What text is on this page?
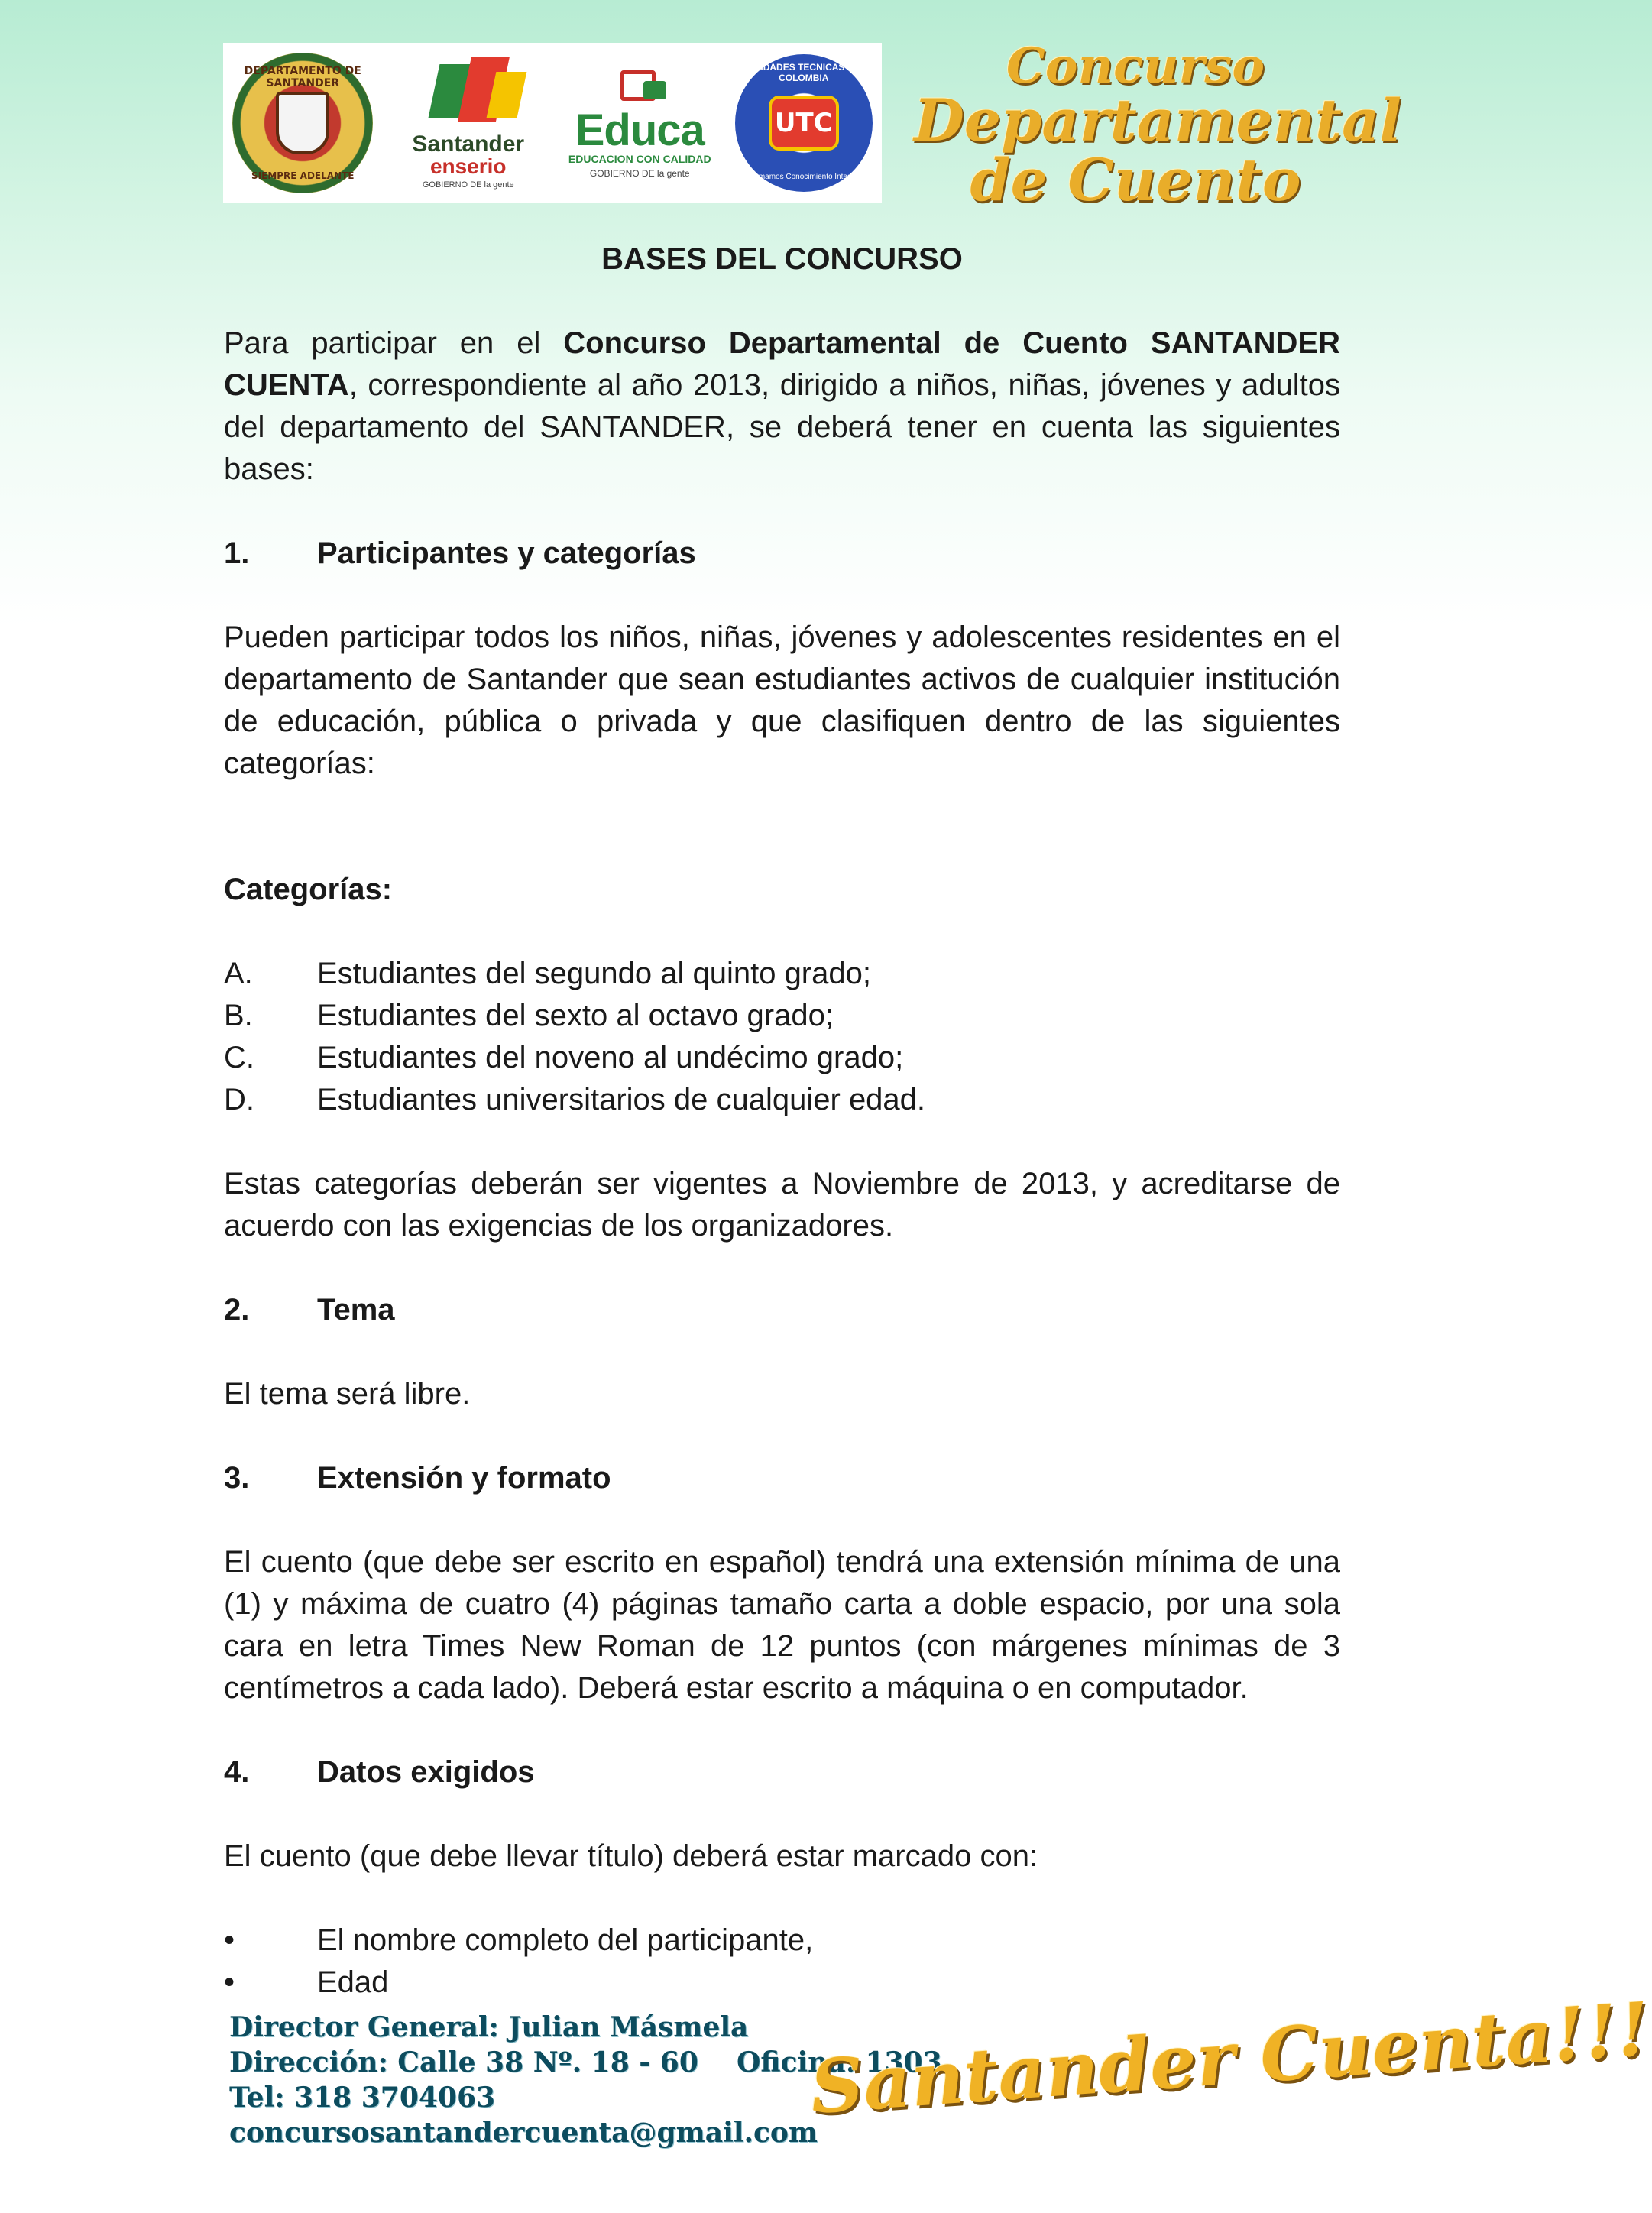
DEPARTAMENTO DE SANTANDER
SIEMPRE ADELANTE
Santander
enserio
GOBIERNO DE la gente
Educa
EDUCACION CON CALIDAD
GOBIERNO DE la gente
UNIDADES TECNICAS DE COLOMBIA
UTC
Formamos Conocimiento Integral
Concurso
Departamental
de Cuento

BASES DEL CONCURSO

Para participar en el Concurso Departamental de Cuento SANTANDER CUENTA, correspondiente al año 2013, dirigido a niños, niñas, jóvenes y adultos del departamento del SANTANDER, se deberá tener en cuenta las siguientes bases:

1.	Participantes y categorías

Pueden participar todos los niños, niñas, jóvenes y adolescentes residentes en el departamento de Santander que sean estudiantes activos de cualquier institución de educación, pública o privada y que clasifiquen dentro de las siguientes categorías:

Categorías:

A.	Estudiantes del segundo al quinto grado;
B.	Estudiantes del sexto al octavo grado;
C.	Estudiantes del noveno al undécimo grado;
D.	Estudiantes universitarios de cualquier edad.

Estas categorías deberán ser vigentes a Noviembre de 2013, y acreditarse de acuerdo con las exigencias de los organizadores.

2.	Tema

El tema será libre.

3.	Extensión y formato

El cuento (que debe ser escrito en español) tendrá una extensión mínima de una (1) y máxima de cuatro (4) páginas tamaño carta a doble espacio, por una sola cara en letra Times New Roman de 12 puntos (con márgenes mínimas de 3 centímetros a cada lado). Deberá estar escrito a máquina o en computador.

4.	Datos exigidos

El cuento (que debe llevar título) deberá estar marcado con:

•	El nombre completo del participante,
•	Edad
Director General: Julian Másmela
Dirección: Calle 38 Nº. 18 - 60    Oficina: 1303
Tel: 318 3704063
concursosantandercuenta@gmail.com
Santander Cuenta!!!
